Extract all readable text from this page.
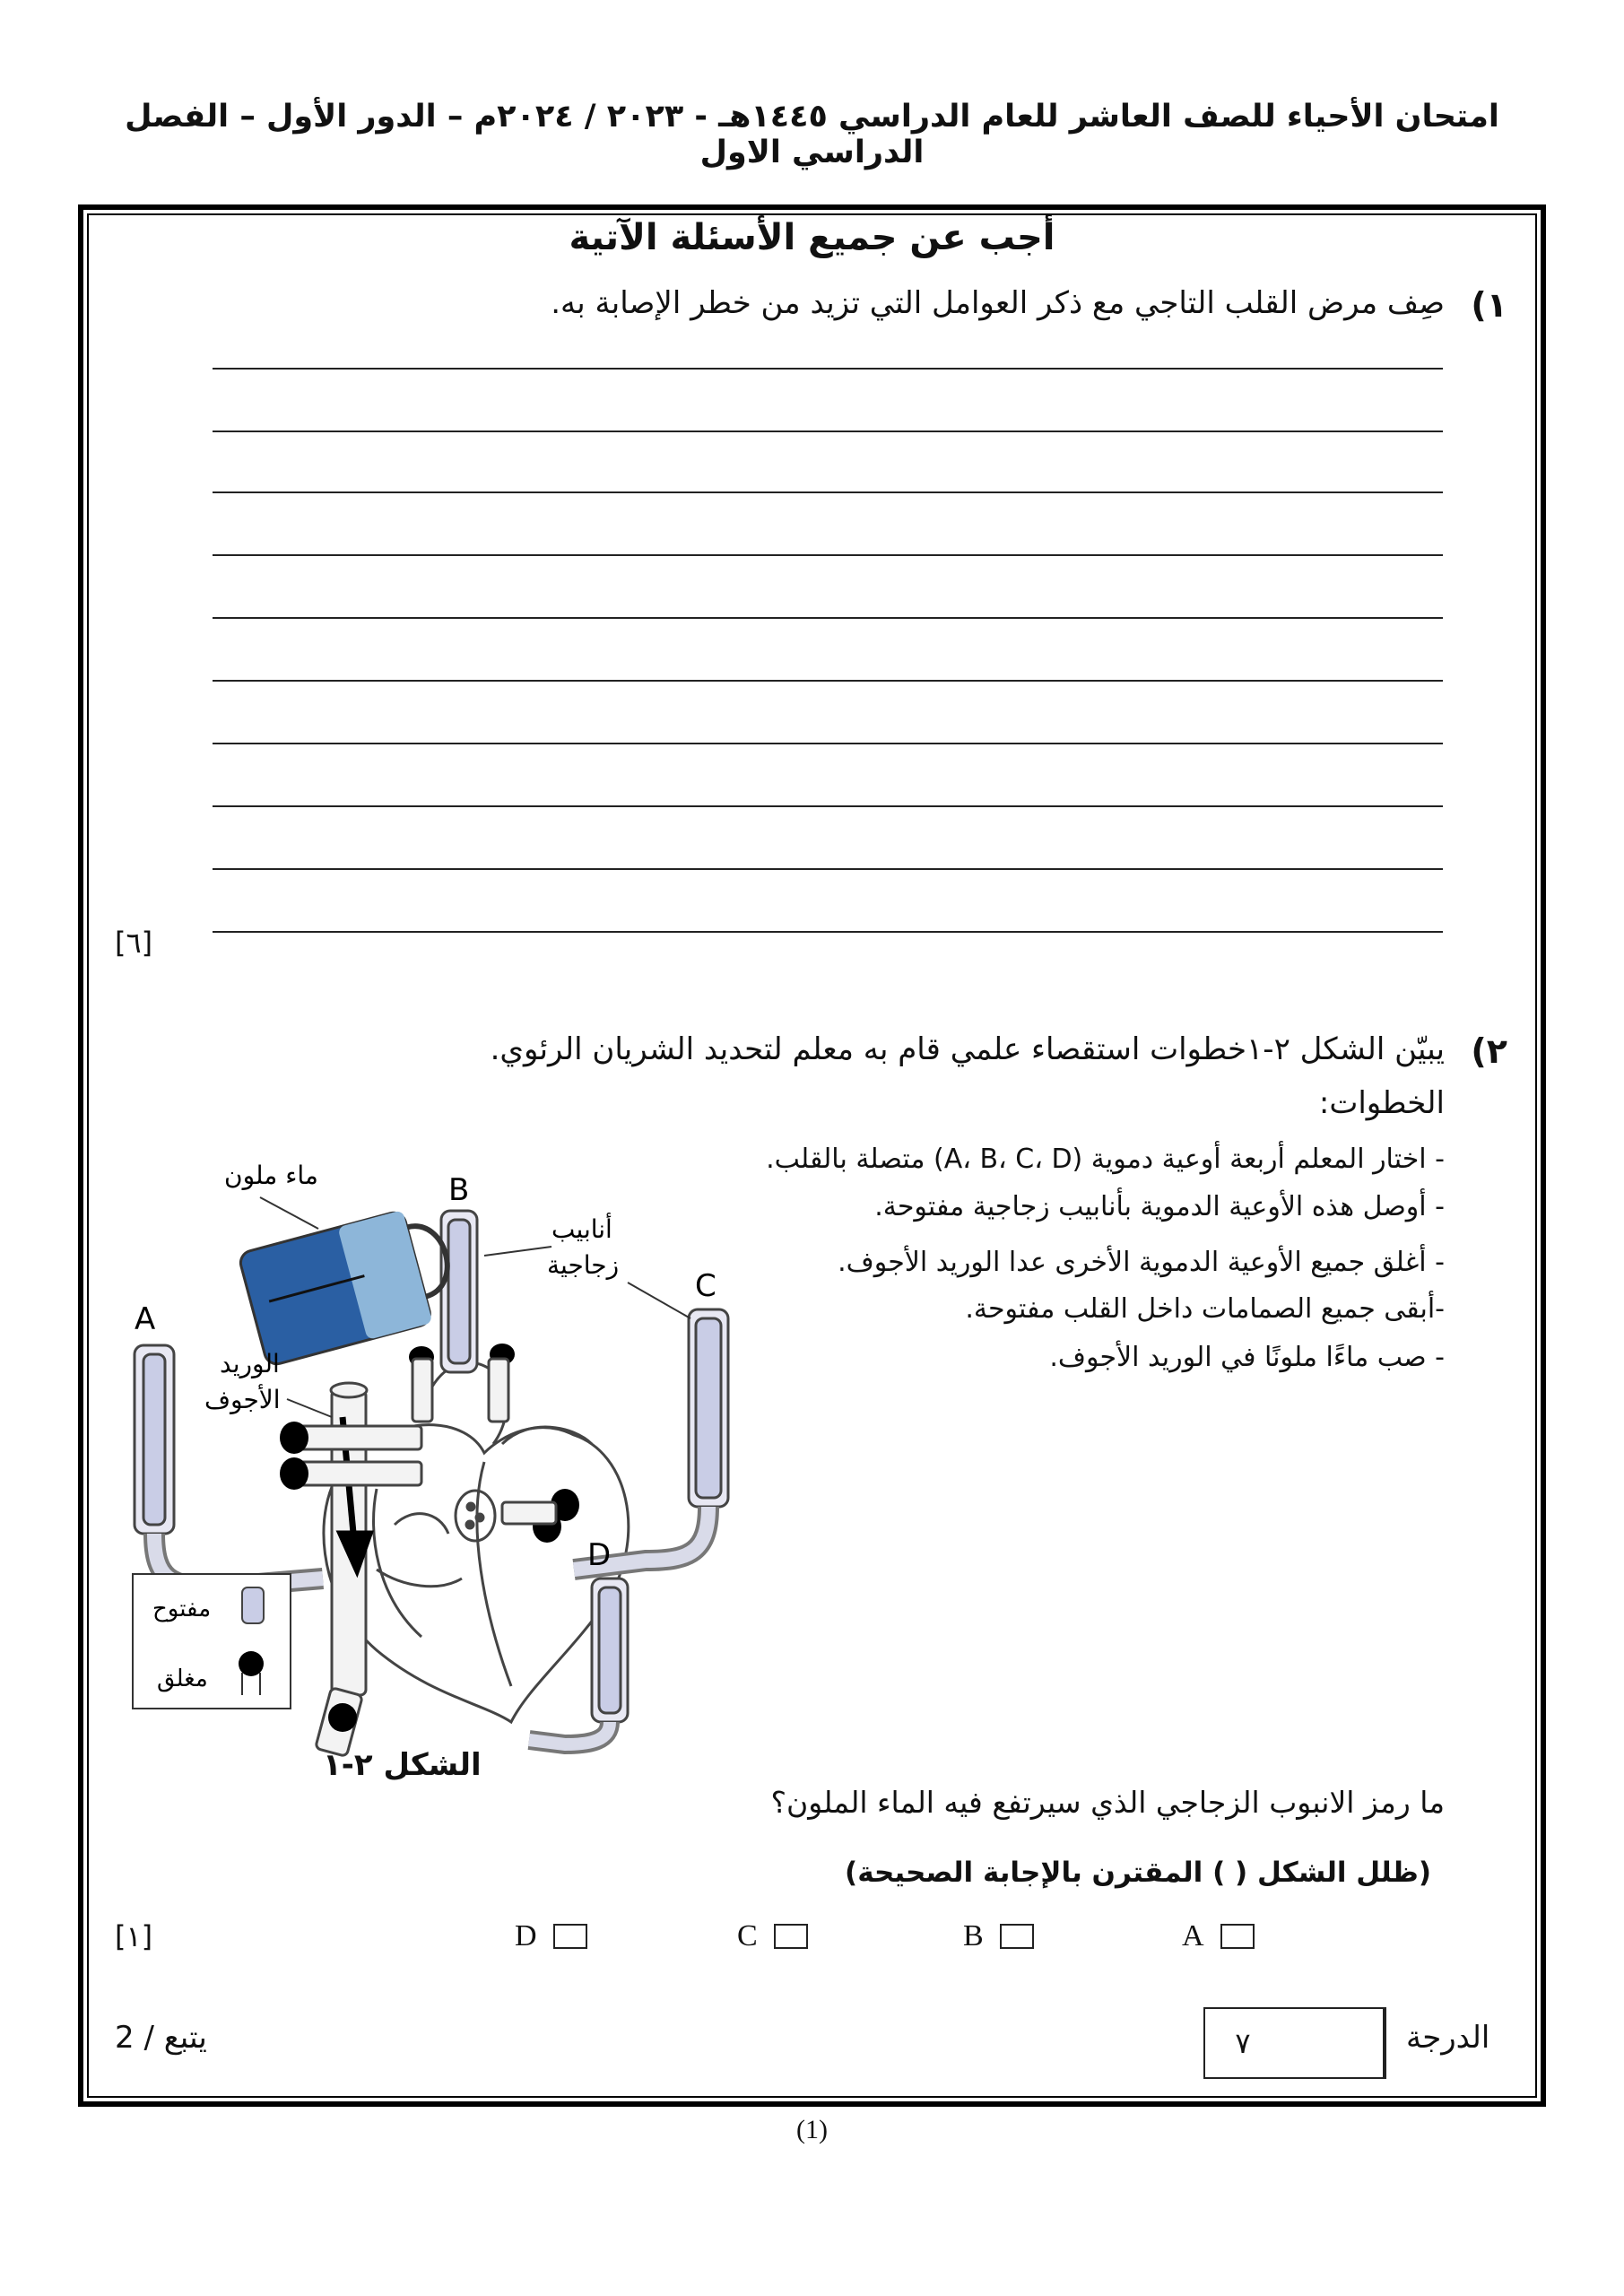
امتحان الأحياء للصف العاشر للعام الدراسي ١٤٤٥هـ - ٢٠٢٣ / ٢٠٢٤م – الدور الأول – الفصل الدراسي الاول
أجب عن جميع الأسئلة الآتية
١)
صِف مرض القلب التاجي مع ذكر العوامل التي تزيد من خطر الإصابة به.
[٦]
٢)
يبيّن الشكل ٢-١خطوات استقصاء علمي قام به معلم لتحديد الشريان الرئوي.
الخطوات:
- اختار المعلم أربعة أوعية دموية (A، B، C، D) متصلة بالقلب.
- أوصل هذه الأوعية الدموية بأنابيب زجاجية مفتوحة.
- أغلق جميع الأوعية الدموية الأخرى عدا الوريد الأجوف.
-أبقى جميع الصمامات داخل القلب مفتوحة.
- صب ماءًا ملونًا في الوريد الأجوف.
A
B
C
D
ماء ملون
أنابيب
زجاجية
الوريد
الأجوف
مفتوح
مغلق
الشكل ٢-١
ما رمز الانبوب الزجاجي الذي سيرتفع فيه الماء الملون؟
(ظلل الشكل ( ) المقترن بالإجابة الصحيحة)
A
B
C
D
[١]
٧	الدرجة
يتبع / 2
(1)
